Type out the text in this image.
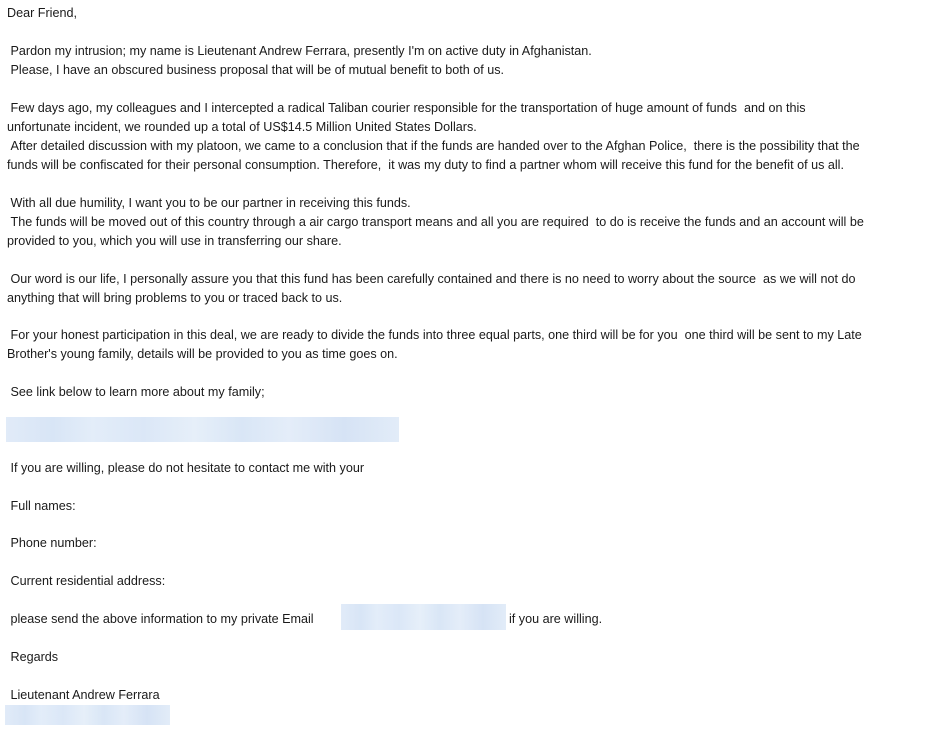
Dear Friend,
Pardon my intrusion; my name is Lieutenant Andrew Ferrara, presently I'm on active duty in Afghanistan.
Please, I have an obscured business proposal that will be of mutual benefit to both of us.
Few days ago, my colleagues and I intercepted a radical Taliban courier responsible for the transportation of huge amount of funds  and on this
unfortunate incident, we rounded up a total of US$14.5 Million United States Dollars.
After detailed discussion with my platoon, we came to a conclusion that if the funds are handed over to the Afghan Police,  there is the possibility that the
funds will be confiscated for their personal consumption. Therefore,  it was my duty to find a partner whom will receive this fund for the benefit of us all.
With all due humility, I want you to be our partner in receiving this funds.
The funds will be moved out of this country through a air cargo transport means and all you are required  to do is receive the funds and an account will be
provided to you, which you will use in transferring our share.
Our word is our life, I personally assure you that this fund has been carefully contained and there is no need to worry about the source  as we will not do
anything that will bring problems to you or traced back to us.
For your honest participation in this deal, we are ready to divide the funds into three equal parts, one third will be for you  one third will be sent to my Late
Brother's young family, details will be provided to you as time goes on.
See link below to learn more about my family;
If you are willing, please do not hesitate to contact me with your
Full names:
Phone number:
Current residential address:
please send the above information to my private Email	if you are willing.
Regards
Lieutenant Andrew Ferrara
